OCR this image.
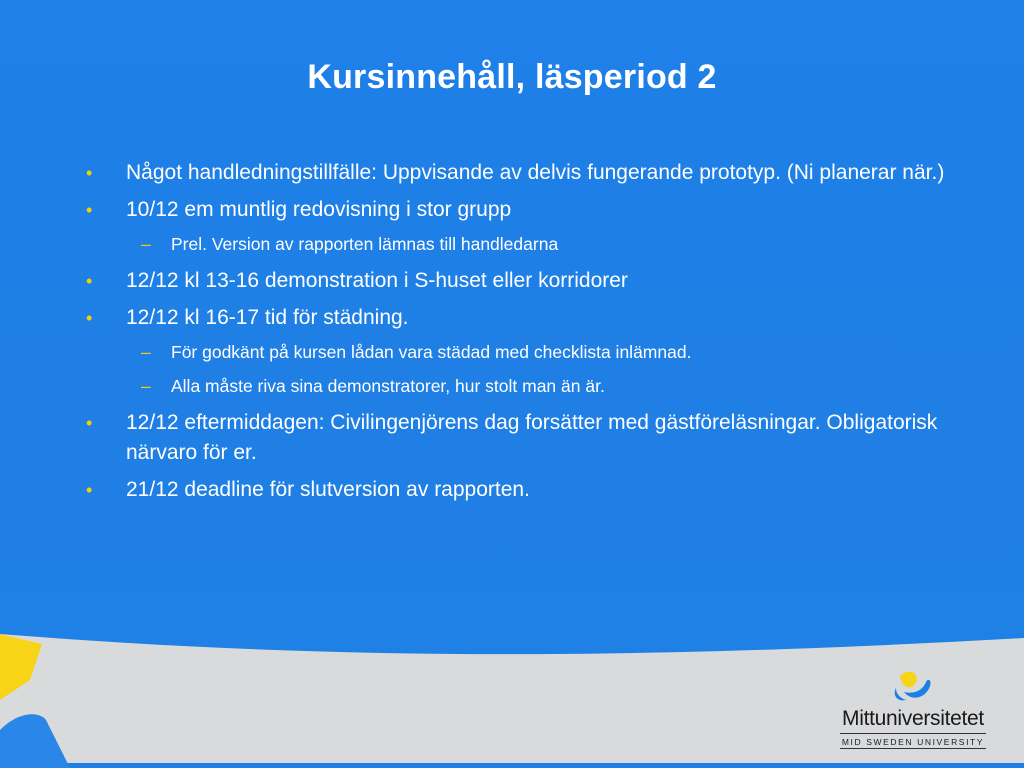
Kursinnehåll, läsperiod 2
• Något handledningstillfälle: Uppvisande av delvis fungerande prototyp. (Ni planerar när.)
• 10/12 em muntlig redovisning i stor grupp
– Prel. Version av rapporten lämnas till handledarna
• 12/12 kl 13-16 demonstration i S-huset eller korridorer
• 12/12 kl 16-17 tid för städning.
– För godkänt på kursen lådan vara städad med checklista inlämnad.
– Alla måste riva sina demonstratorer, hur stolt man än är.
• 12/12 eftermiddagen: Civilingenjörens dag forsätter med gästföreläsningar. Obligatorisk närvaro för er.
• 21/12 deadline för slutversion av rapporten.
Mittuniversitetet
MID SWEDEN UNIVERSITY
